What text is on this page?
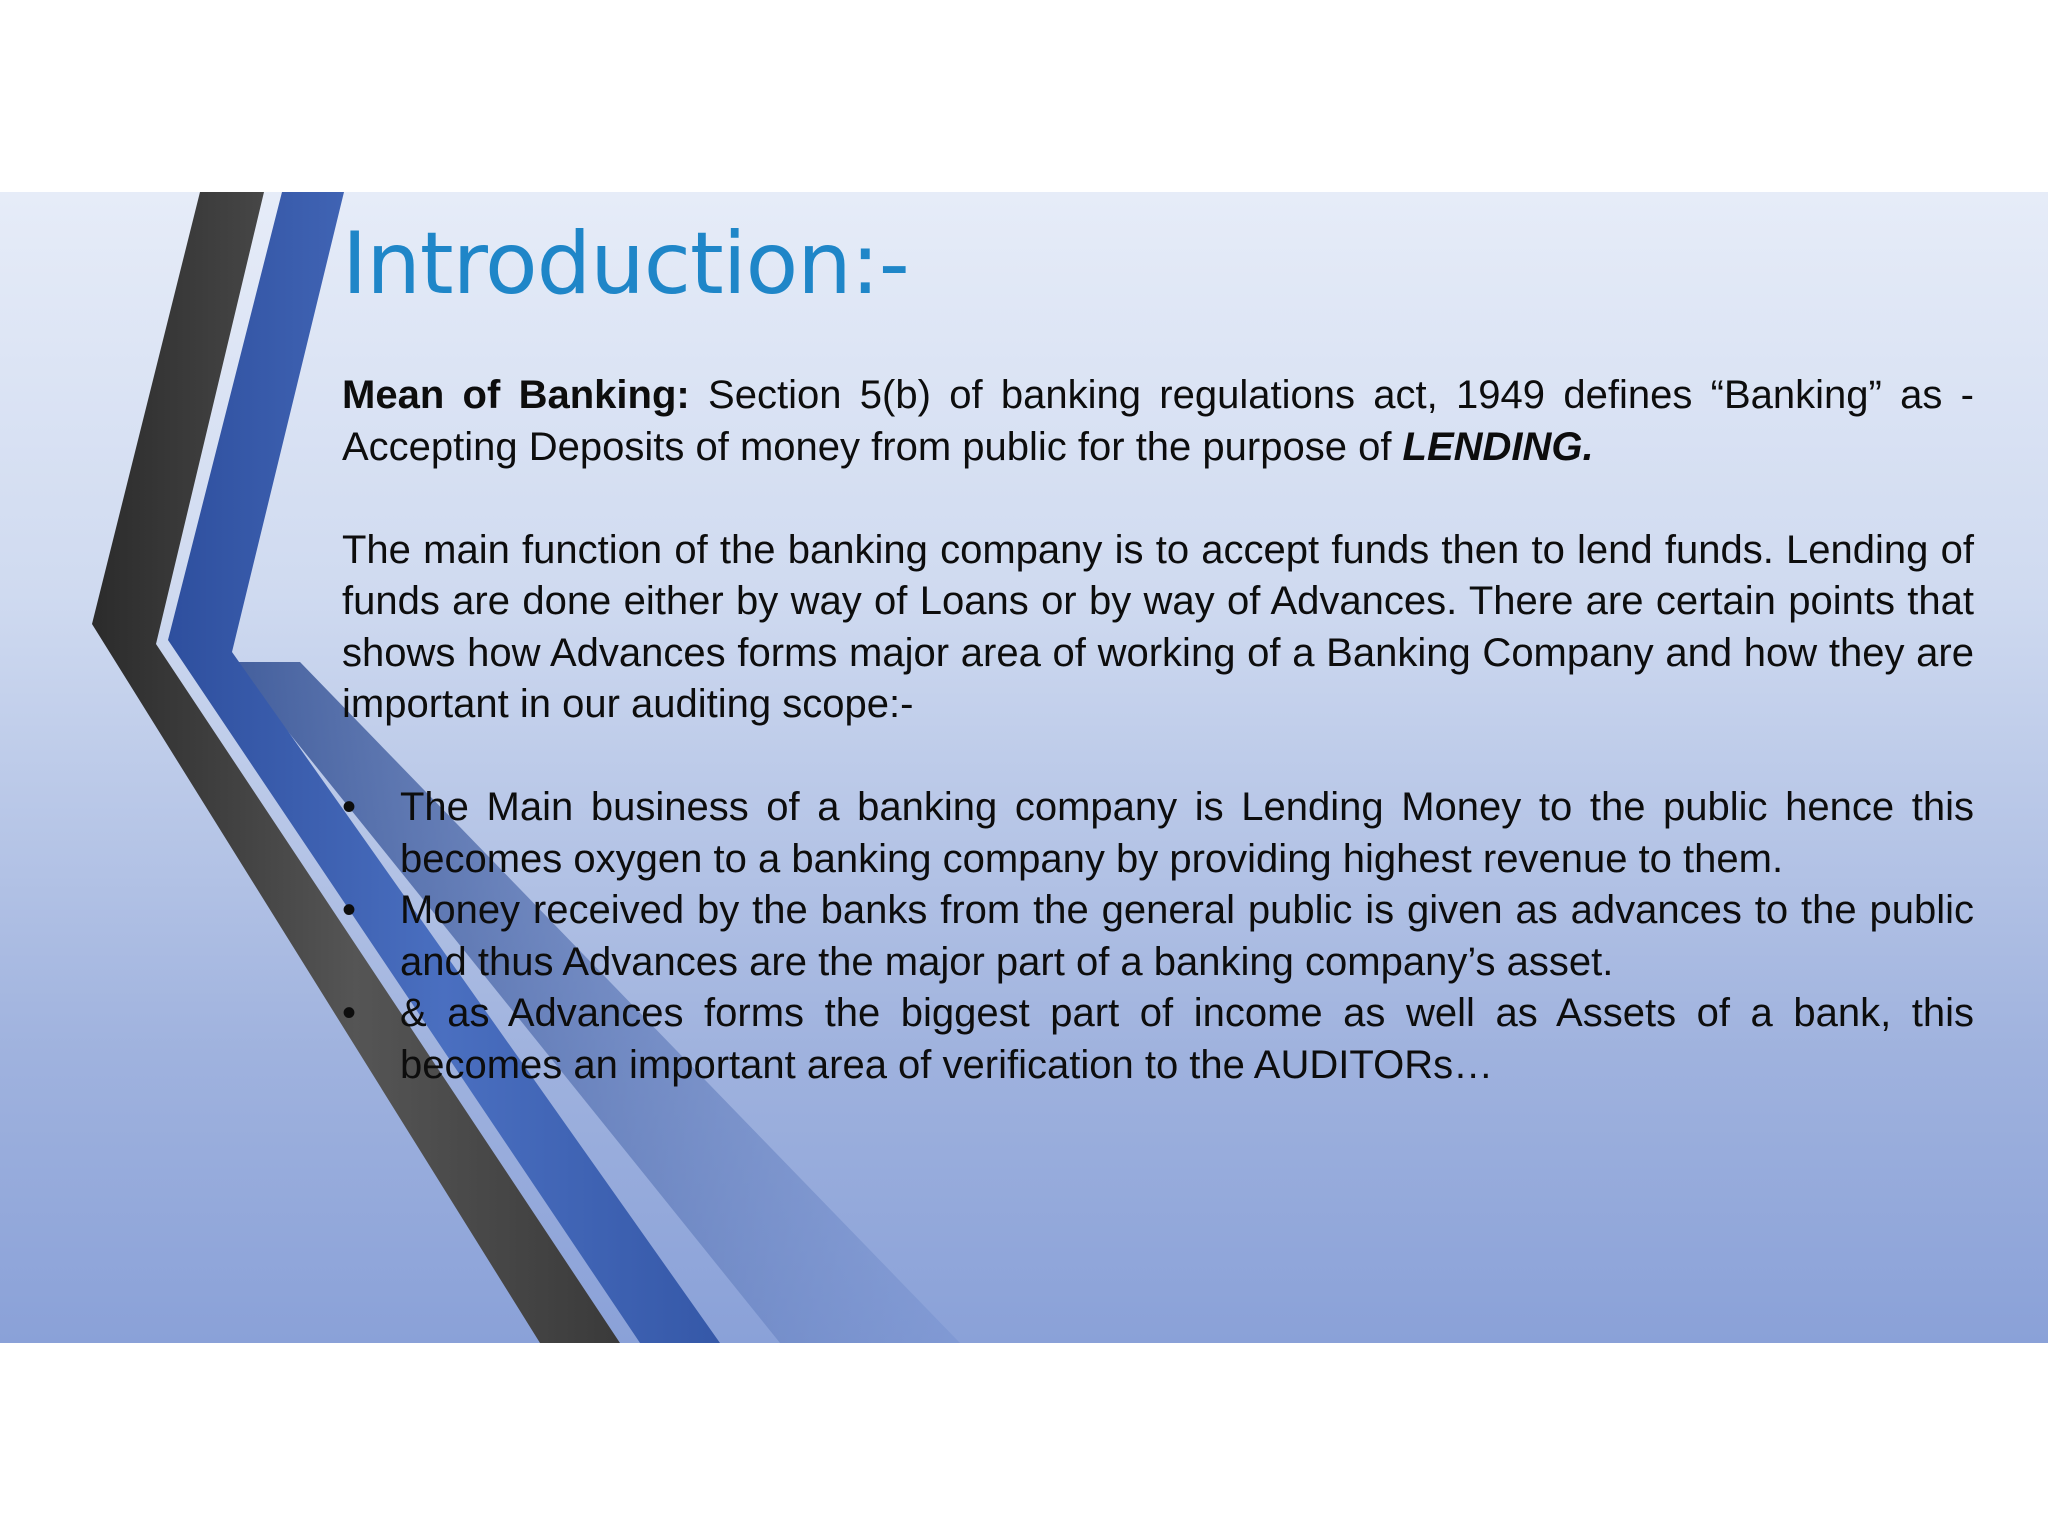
Introduction:-

Mean of Banking: Section 5(b) of banking regulations act, 1949 defines “Banking” as - Accepting Deposits of money from public for the purpose of LENDING.

The main function of the banking company is to accept funds then to lend funds. Lending of funds are done either by way of Loans or by way of Advances. There are certain points that shows how Advances forms major area of working of a Banking Company and how they are important in our auditing scope:-

• The Main business of a banking company is Lending Money to the public hence this becomes oxygen to a banking company by providing highest revenue to them.
• Money received by the banks from the general public is given as advances to the public and thus Advances are the major part of a banking company’s asset.
• & as Advances forms the biggest part of income as well as Assets of a bank, this becomes an important area of verification to the AUDITORs…
